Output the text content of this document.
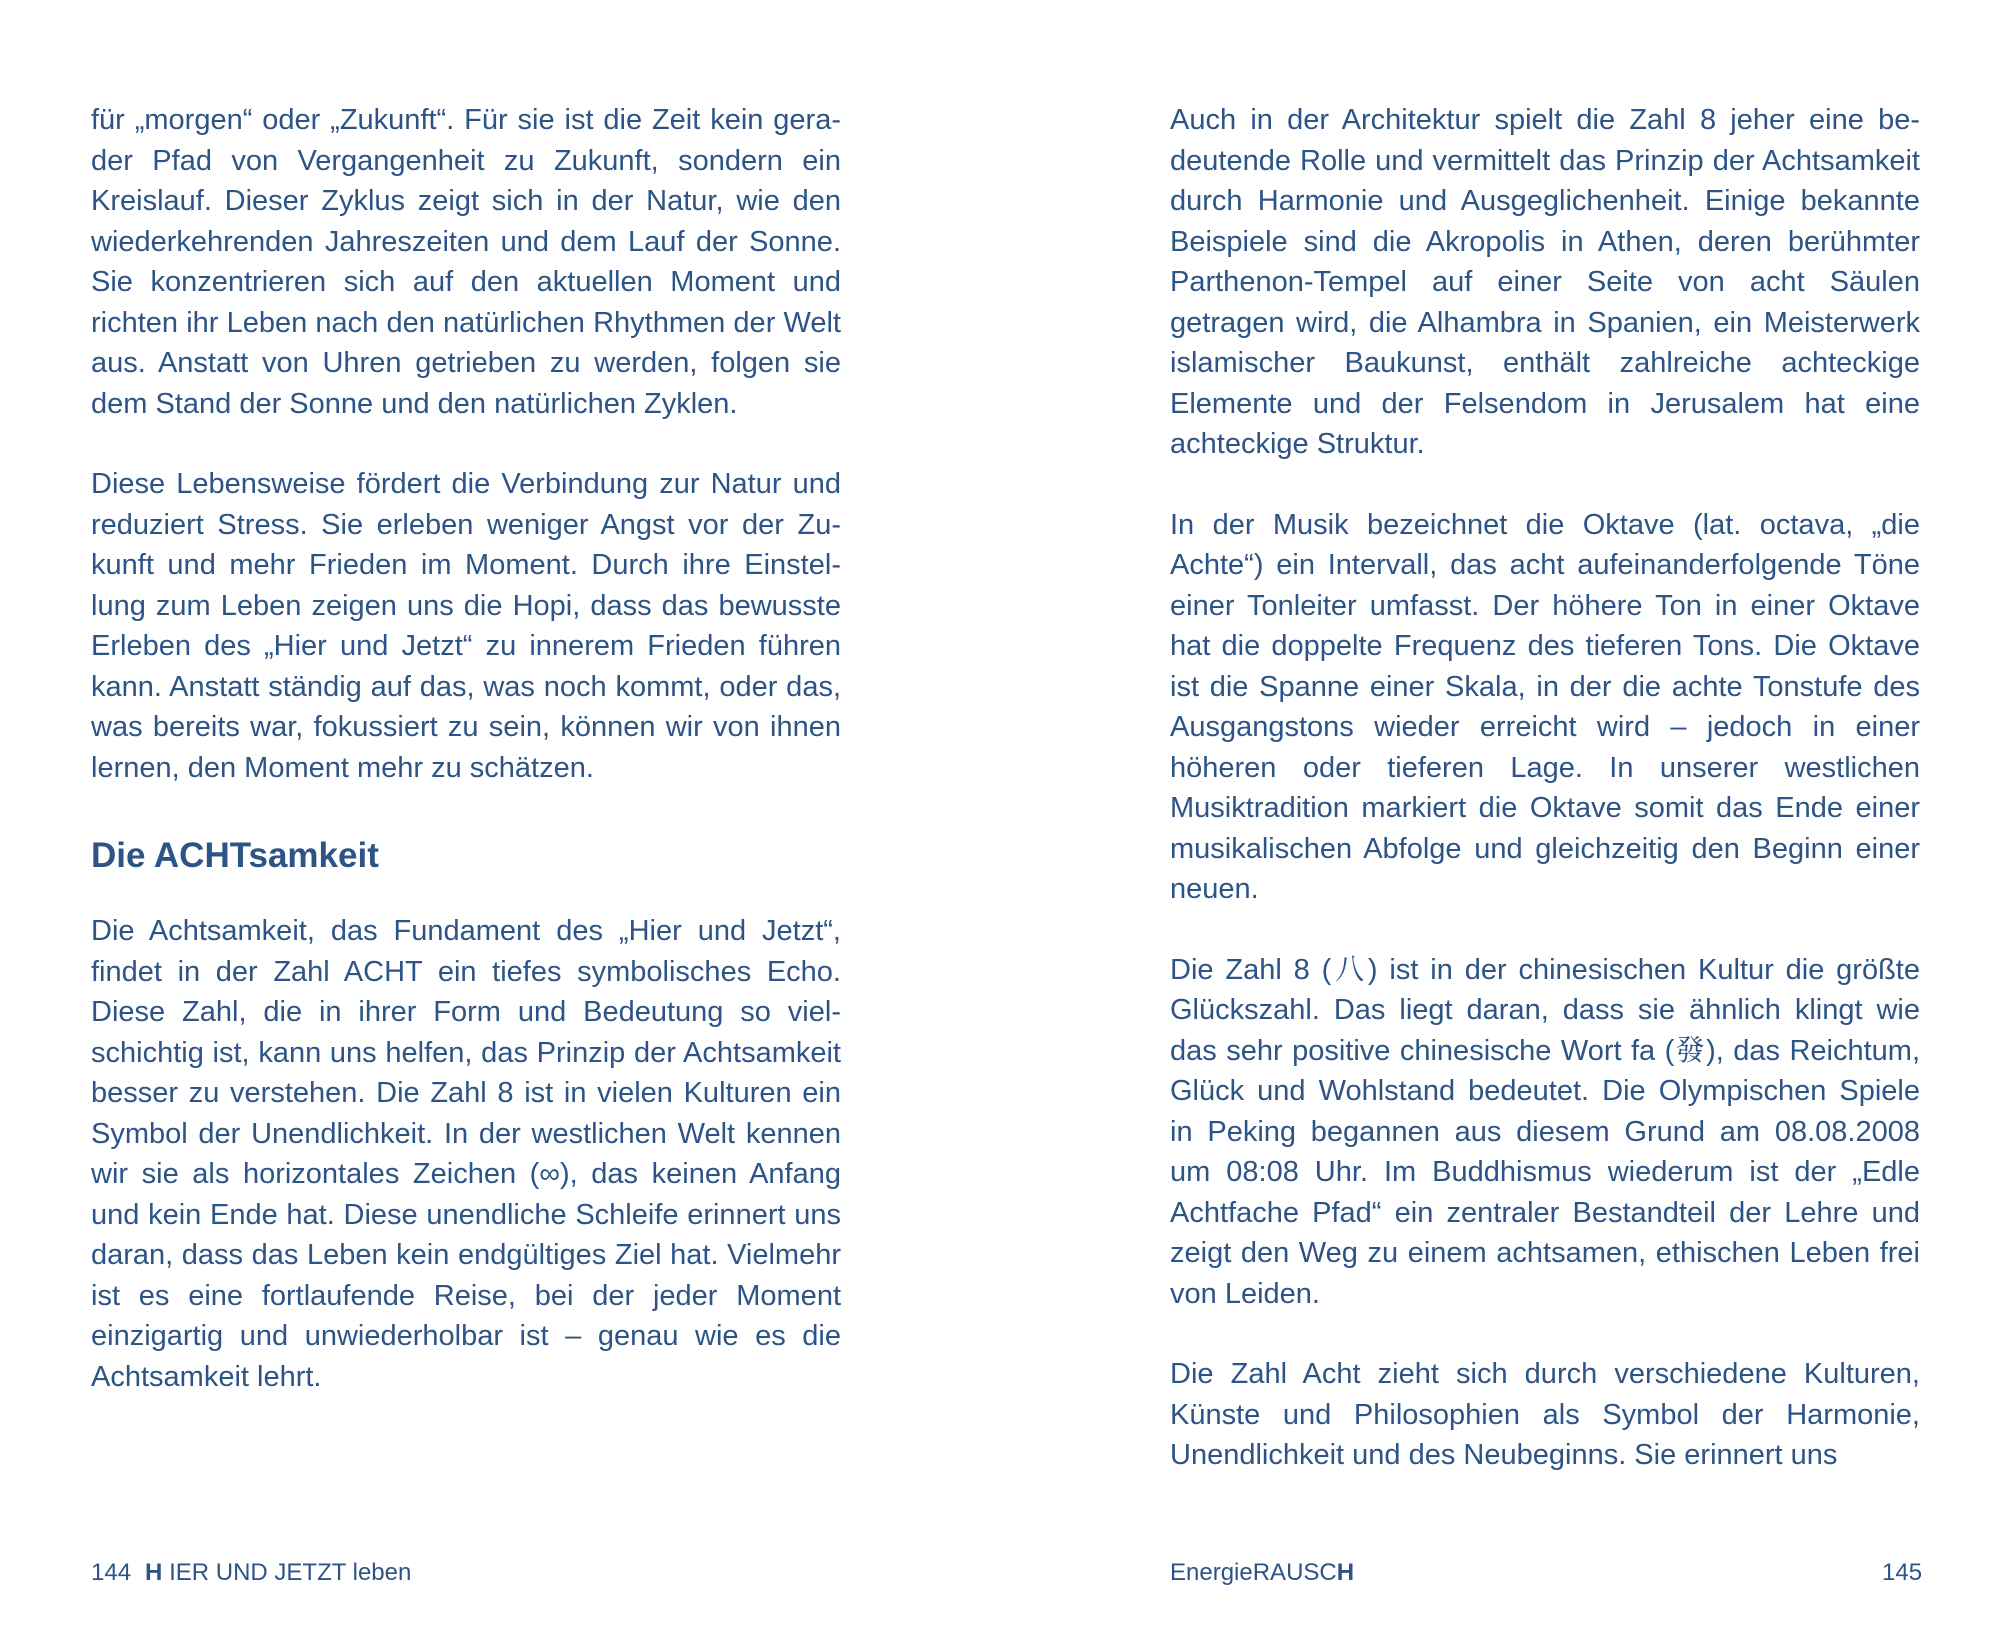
für „morgen“ oder „Zukunft“. Für sie ist die Zeit kein gerader Pfad von Vergangenheit zu Zukunft, sondern ein Kreislauf. Dieser Zyklus zeigt sich in der Natur, wie den wiederkehrenden Jahreszeiten und dem Lauf der Sonne. Sie konzentrieren sich auf den aktuellen Moment und richten ihr Leben nach den natürlichen Rhythmen der Welt aus. Anstatt von Uhren getrieben zu werden, folgen sie dem Stand der Sonne und den natürlichen Zyklen.

Diese Lebensweise fördert die Verbindung zur Natur und reduziert Stress. Sie erleben weniger Angst vor der Zukunft und mehr Frieden im Moment. Durch ihre Einstellung zum Leben zeigen uns die Hopi, dass das bewusste Erleben des „Hier und Jetzt“ zu innerem Frieden führen kann. Anstatt ständig auf das, was noch kommt, oder das, was bereits war, fokussiert zu sein, können wir von ihnen lernen, den Moment mehr zu schätzen.

Die ACHTsamkeit

Die Achtsamkeit, das Fundament des „Hier und Jetzt“, findet in der Zahl ACHT ein tiefes symbolisches Echo. Diese Zahl, die in ihrer Form und Bedeutung so vielschichtig ist, kann uns helfen, das Prinzip der Achtsamkeit besser zu verstehen. Die Zahl 8 ist in vielen Kulturen ein Symbol der Unendlichkeit. In der westlichen Welt kennen wir sie als horizontales Zeichen (∞), das keinen Anfang und kein Ende hat. Diese unendliche Schleife erinnert uns daran, dass das Leben kein endgültiges Ziel hat. Vielmehr ist es eine fortlaufende Reise, bei der jeder Moment einzigartig und unwiederholbar ist – genau wie es die Achtsamkeit lehrt.

Auch in der Architektur spielt die Zahl 8 jeher eine bedeutende Rolle und vermittelt das Prinzip der Achtsamkeit durch Harmonie und Ausgeglichenheit. Einige bekannte Beispiele sind die Akropolis in Athen, deren berühmter Parthenon-Tempel auf einer Seite von acht Säulen getragen wird, die Alhambra in Spanien, ein Meisterwerk islamischer Baukunst, enthält zahlreiche achteckige Elemente und der Felsendom in Jerusalem hat eine achteckige Struktur.

In der Musik bezeichnet die Oktave (lat. octava, „die Achte“) ein Intervall, das acht aufeinanderfolgende Töne einer Tonleiter umfasst. Der höhere Ton in einer Oktave hat die doppelte Frequenz des tieferen Tons. Die Oktave ist die Spanne einer Skala, in der die achte Tonstufe des Ausgangstons wieder erreicht wird – jedoch in einer höheren oder tieferen Lage. In unserer westlichen Musiktradition markiert die Oktave somit das Ende einer musikalischen Abfolge und gleichzeitig den Beginn einer neuen.

Die Zahl 8 (八) ist in der chinesischen Kultur die größte Glückszahl. Das liegt daran, dass sie ähnlich klingt wie das sehr positive chinesische Wort fa (發), das Reichtum, Glück und Wohlstand bedeutet. Die Olympischen Spiele in Peking begannen aus diesem Grund am 08.08.2008 um 08:08 Uhr. Im Buddhismus wiederum ist der „Edle Achtfache Pfad“ ein zentraler Bestandteil der Lehre und zeigt den Weg zu einem achtsamen, ethischen Leben frei von Leiden.

Die Zahl Acht zieht sich durch verschiedene Kulturen, Künste und Philosophien als Symbol der Harmonie, Unendlichkeit und des Neubeginns. Sie erinnert uns

144 H IER UND JETZT leben	EnergieRAUSCH	145
